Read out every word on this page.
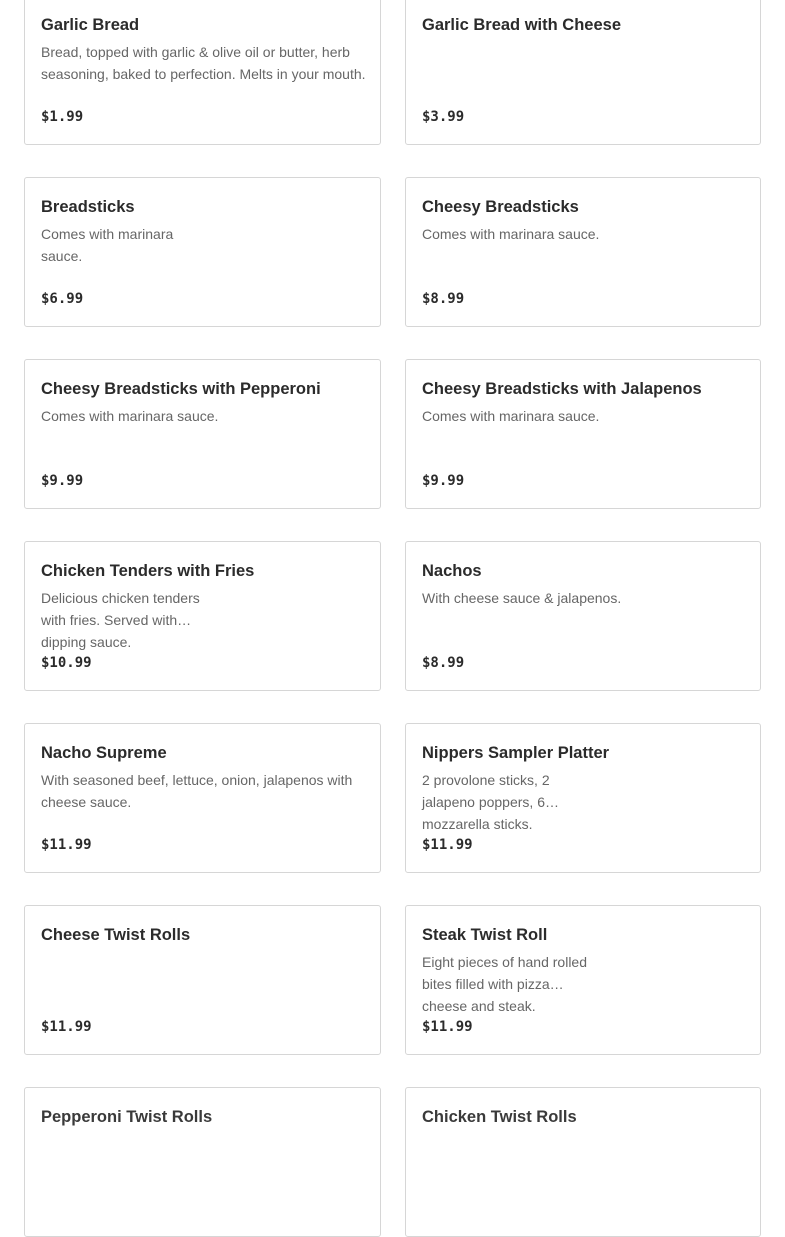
Garlic Bread
Bread, topped with garlic & olive oil or butter, herb seasoning, baked to perfection. Melts in your mouth.
$1.99
Garlic Bread with Cheese
$3.99
Breadsticks
Comes with marinara sauce.
$6.99
Cheesy Breadsticks
Comes with marinara sauce.
$8.99
Cheesy Breadsticks with Pepperoni
Comes with marinara sauce.
$9.99
Cheesy Breadsticks with Jalapenos
Comes with marinara sauce.
$9.99
Chicken Tenders with Fries
Delicious chicken tenders with fries. Served with dipping sauce.
$10.99
Nachos
With cheese sauce & jalapenos.
$8.99
Nacho Supreme
With seasoned beef, lettuce, onion, jalapenos with cheese sauce.
$11.99
Nippers Sampler Platter
2 provolone sticks, 2 jalapeno poppers, 6 mozzarella sticks.
$11.99
Cheese Twist Rolls
$11.99
Steak Twist Roll
Eight pieces of hand rolled bites filled with pizza cheese and steak.
$11.99
Pepperoni Twist Rolls	Chicken Twist Rolls
